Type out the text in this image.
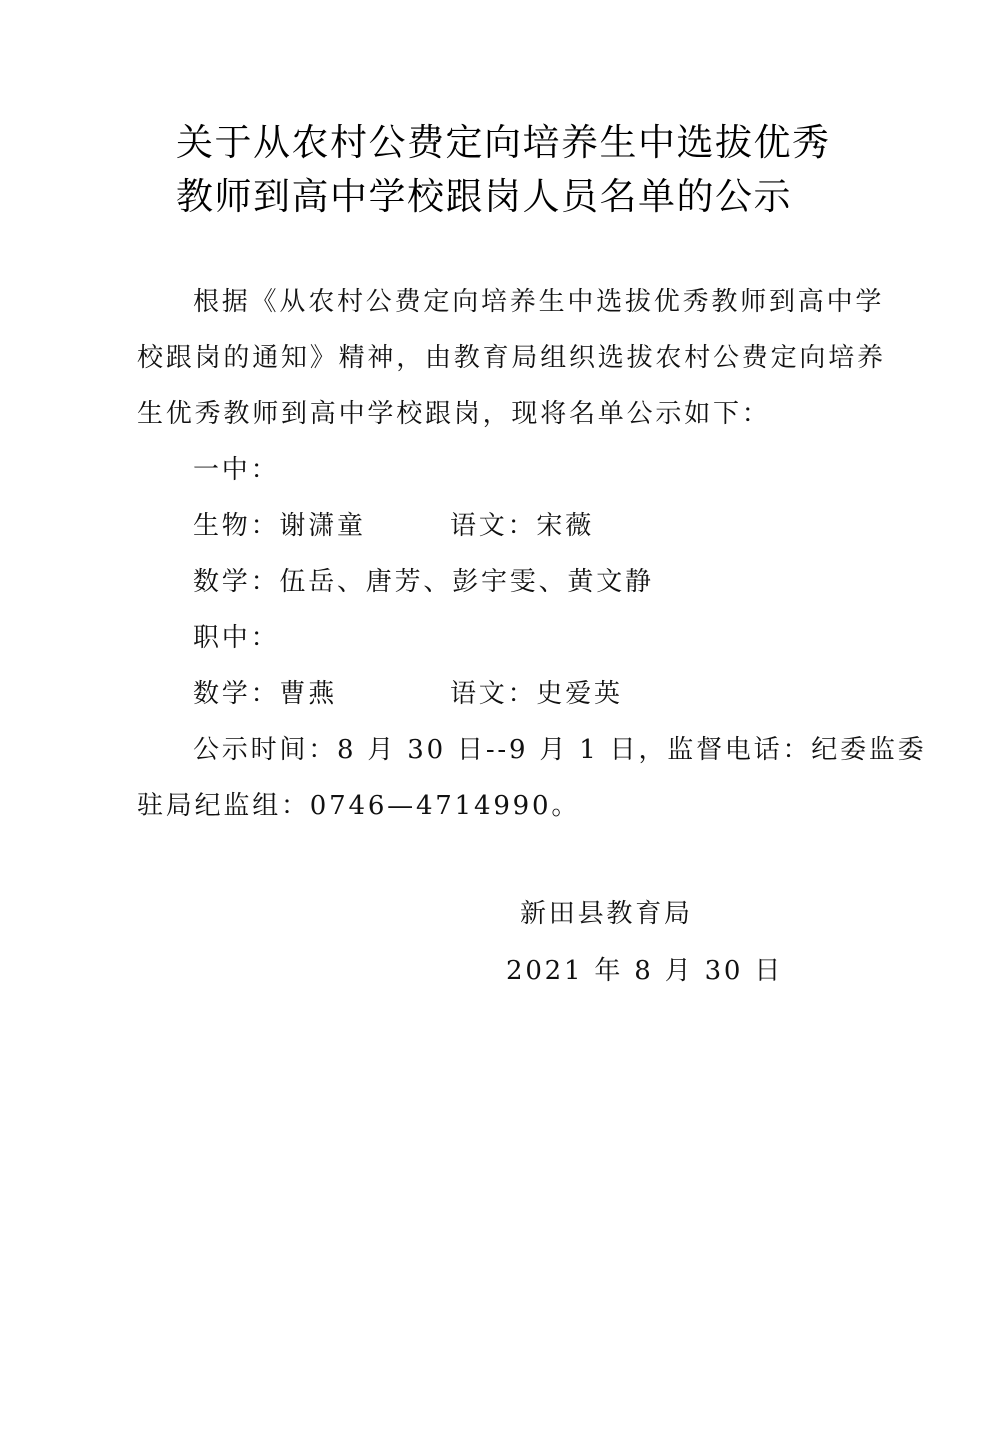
关于从农村公费定向培养生中选拔优秀
教师到高中学校跟岗人员名单的公示
根据《从农村公费定向培养生中选拔优秀教师到高中学
校跟岗的通知》精神，由教育局组织选拔农村公费定向培养
生优秀教师到高中学校跟岗，现将名单公示如下：
一中：
生物：谢潇童	语文：宋薇
数学：伍岳、唐芳、彭宇雯、黄文静
职中：
数学：曹燕	语文：史爱英
公示时间：8 月 30 日--9 月 1 日，监督电话：纪委监委
驻局纪监组：0746—4714990。
新田县教育局
2021 年 8 月 30 日
